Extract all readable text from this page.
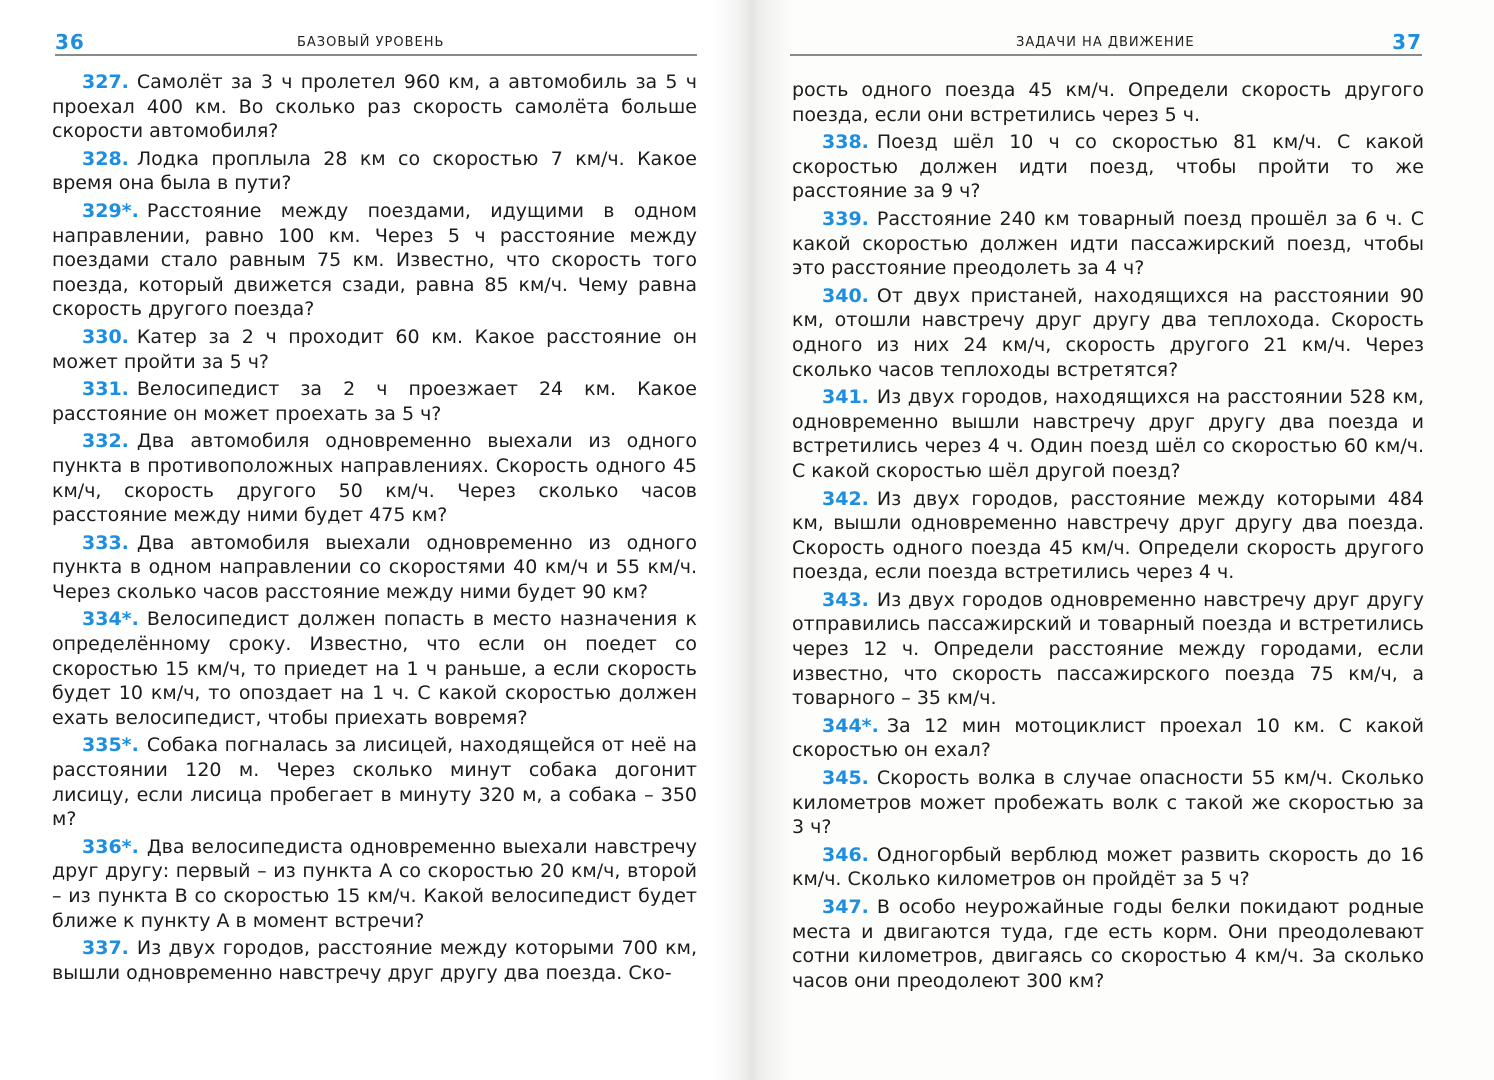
36	БАЗОВЫЙ УРОВЕНЬ	ЗАДАЧИ НА ДВИЖЕНИЕ	37

327. Самолёт за 3 ч пролетел 960 км, а автомобиль за 5 ч проехал 400 км. Во сколько раз скорость самолёта больше скорости автомобиля?

328. Лодка проплыла 28 км со скоростью 7 км/ч. Какое время она была в пути?

329*. Расстояние между поездами, идущими в одном направлении, равно 100 км. Через 5 ч расстояние между поездами стало равным 75 км. Известно, что скорость того поезда, который движется сзади, равна 85 км/ч. Чему равна скорость другого поезда?

330. Катер за 2 ч проходит 60 км. Какое расстояние он может пройти за 5 ч?

331. Велосипедист за 2 ч проезжает 24 км. Какое расстояние он может проехать за 5 ч?

332. Два автомобиля одновременно выехали из одного пункта в противоположных направлениях. Скорость одного 45 км/ч, скорость другого 50 км/ч. Через сколько часов расстояние между ними будет 475 км?

333. Два автомобиля выехали одновременно из одного пункта в одном направлении со скоростями 40 км/ч и 55 км/ч. Через сколько часов расстояние между ними будет 90 км?

334*. Велосипедист должен попасть в место назначения к определённому сроку. Известно, что если он поедет со скоростью 15 км/ч, то приедет на 1 ч раньше, а если скорость будет 10 км/ч, то опоздает на 1 ч. С какой скоростью должен ехать велосипедист, чтобы приехать вовремя?

335*. Собака погналась за лисицей, находящейся от неё на расстоянии 120 м. Через сколько минут собака догонит лисицу, если лисица пробегает в минуту 320 м, а собака – 350 м?

336*. Два велосипедиста одновременно выехали навстречу друг другу: первый – из пункта А со скоростью 20 км/ч, второй – из пункта В со скоростью 15 км/ч. Какой велосипедист будет ближе к пункту А в момент встречи?

337. Из двух городов, расстояние между которыми 700 км, вышли одновременно навстречу друг другу два поезда. Ско-

рость одного поезда 45 км/ч. Определи скорость другого поезда, если они встретились через 5 ч.

338. Поезд шёл 10 ч со скоростью 81 км/ч. С какой скоростью должен идти поезд, чтобы пройти то же расстояние за 9 ч?

339. Расстояние 240 км товарный поезд прошёл за 6 ч. С какой скоростью должен идти пассажирский поезд, чтобы это расстояние преодолеть за 4 ч?

340. От двух пристаней, находящихся на расстоянии 90 км, отошли навстречу друг другу два теплохода. Скорость одного из них 24 км/ч, скорость другого 21 км/ч. Через сколько часов теплоходы встретятся?

341. Из двух городов, находящихся на расстоянии 528 км, одновременно вышли навстречу друг другу два поезда и встретились через 4 ч. Один поезд шёл со скоростью 60 км/ч. С какой скоростью шёл другой поезд?

342. Из двух городов, расстояние между которыми 484 км, вышли одновременно навстречу друг другу два поезда. Скорость одного поезда 45 км/ч. Определи скорость другого поезда, если поезда встретились через 4 ч.

343. Из двух городов одновременно навстречу друг другу отправились пассажирский и товарный поезда и встретились через 12 ч. Определи расстояние между городами, если известно, что скорость пассажирского поезда 75 км/ч, а товарного – 35 км/ч.

344*. За 12 мин мотоциклист проехал 10 км. С какой скоростью он ехал?

345. Скорость волка в случае опасности 55 км/ч. Сколько километров может пробежать волк с такой же скоростью за 3 ч?

346. Одногорбый верблюд может развить скорость до 16 км/ч. Сколько километров он пройдёт за 5 ч?

347. В особо неурожайные годы белки покидают родные места и двигаются туда, где есть корм. Они преодолевают сотни километров, двигаясь со скоростью 4 км/ч. За сколько часов они преодолеют 300 км?
